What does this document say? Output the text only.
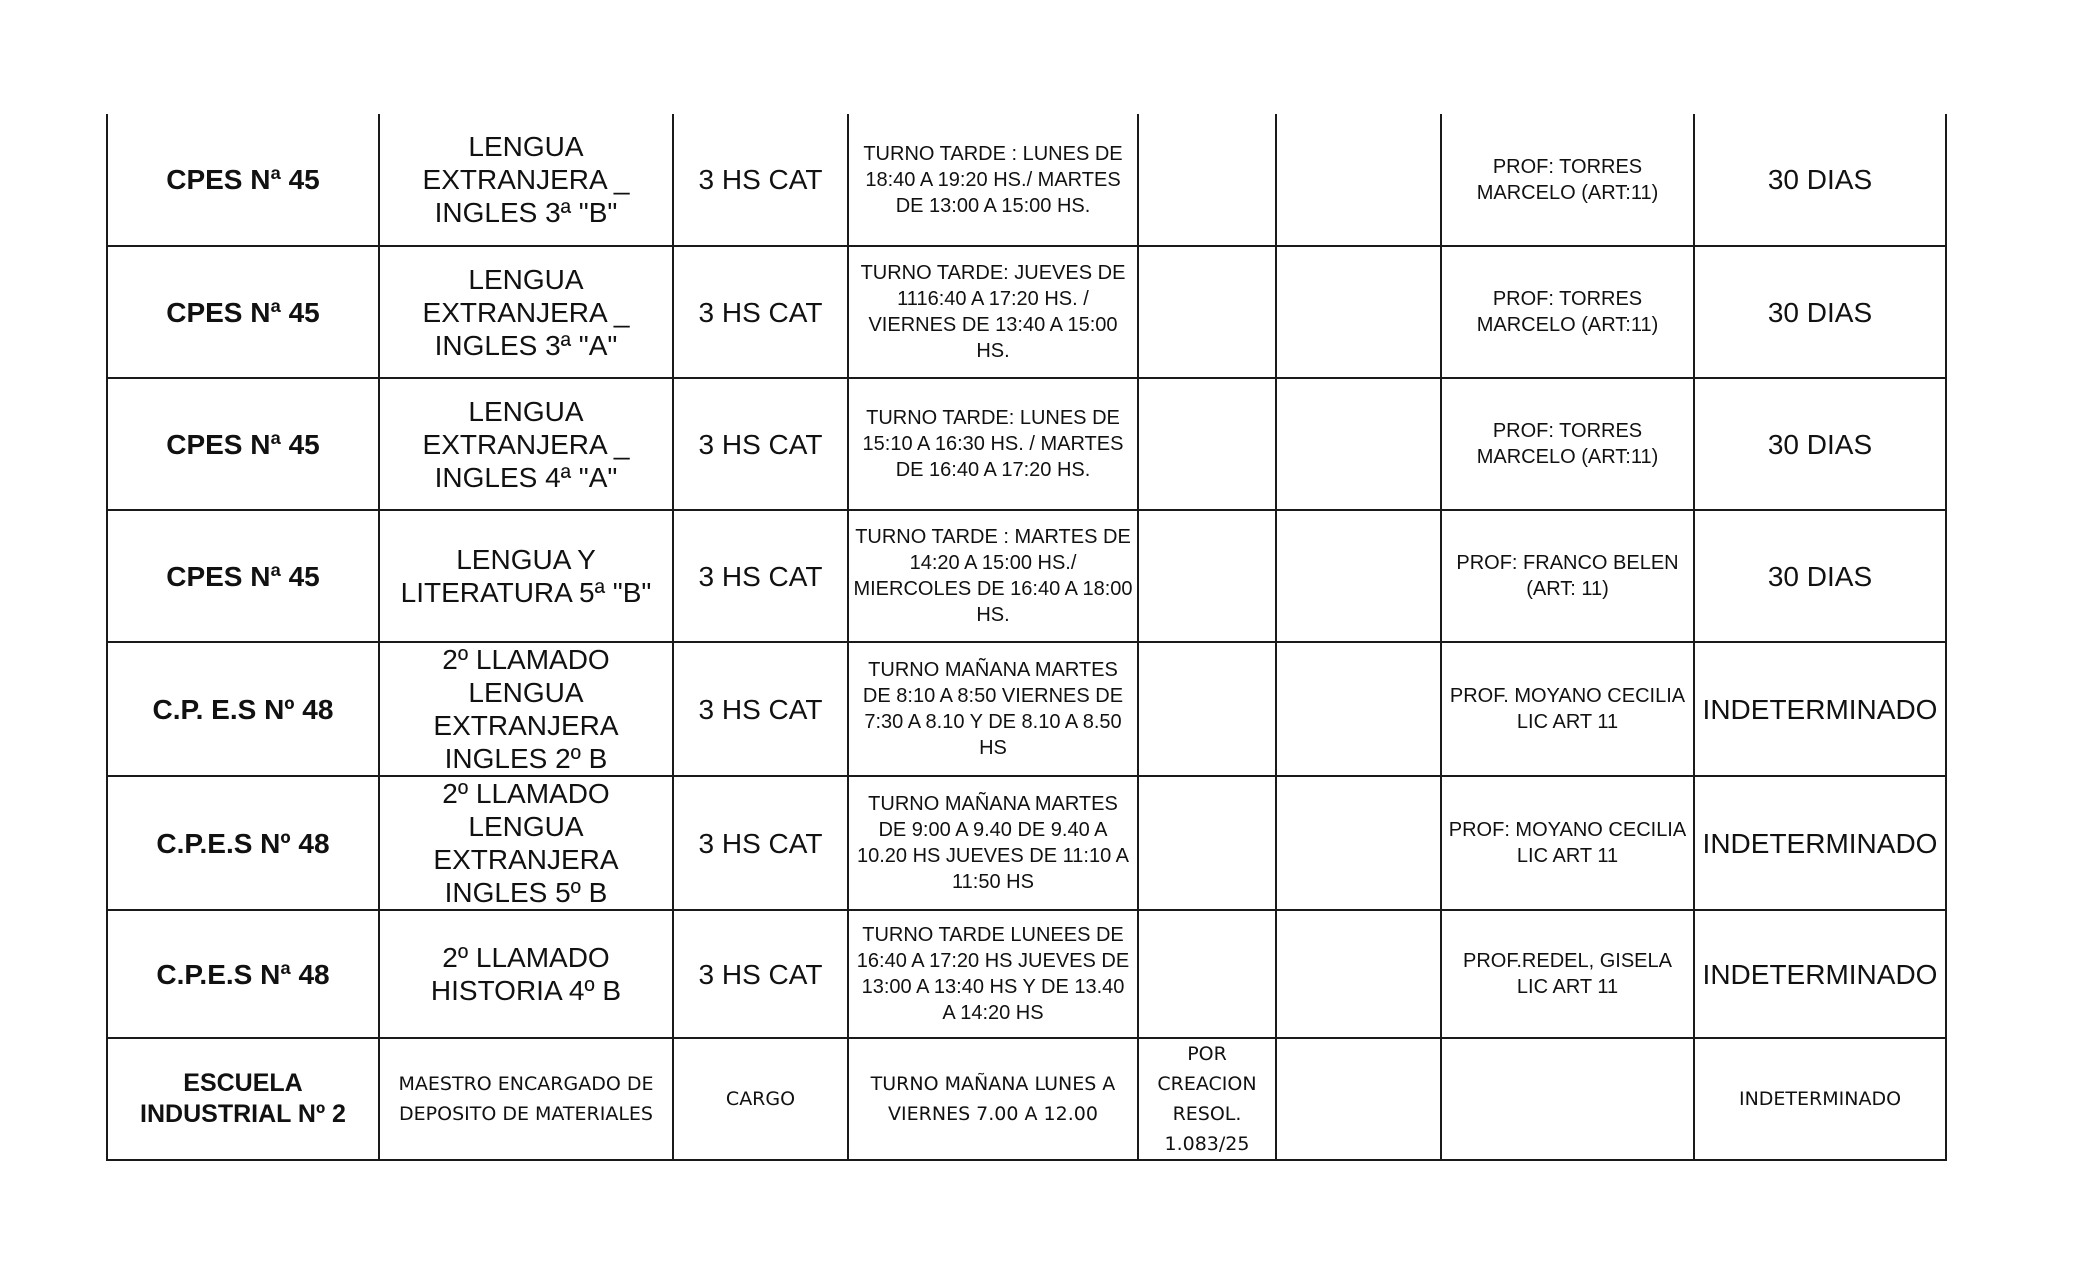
CPES Nª 45	LENGUA EXTRANJERA _ INGLES 3ª "B"	3 HS CAT	TURNO TARDE : LUNES DE 18:40 A 19:20 HS./ MARTES DE 13:00 A 15:00 HS.			PROF: TORRES MARCELO (ART:11)	30 DIAS
CPES Nª 45	LENGUA EXTRANJERA _ INGLES 3ª "A"	3 HS CAT	TURNO TARDE: JUEVES DE 1116:40 A 17:20 HS. / VIERNES DE 13:40 A 15:00 HS.			PROF: TORRES MARCELO (ART:11)	30 DIAS
CPES Nª 45	LENGUA EXTRANJERA _ INGLES 4ª "A"	3 HS CAT	TURNO TARDE: LUNES DE 15:10 A 16:30 HS. / MARTES DE 16:40 A 17:20 HS.			PROF: TORRES MARCELO (ART:11)	30 DIAS
CPES Nª 45	LENGUA Y LITERATURA 5ª "B"	3 HS CAT	TURNO TARDE : MARTES DE 14:20 A 15:00 HS./ MIERCOLES DE 16:40 A 18:00 HS.			PROF: FRANCO BELEN (ART: 11)	30 DIAS
C.P. E.S Nº 48	2º LLAMADO LENGUA EXTRANJERA INGLES 2º B	3 HS CAT	TURNO MAÑANA MARTES DE 8:10 A 8:50 VIERNES DE 7:30 A 8.10 Y DE 8.10 A 8.50 HS			PROF. MOYANO CECILIA LIC ART 11	INDETERMINADO
C.P.E.S Nº 48	2º LLAMADO LENGUA EXTRANJERA INGLES 5º B	3 HS CAT	TURNO MAÑANA MARTES DE 9:00 A 9.40 DE 9.40 A 10.20 HS JUEVES DE 11:10 A 11:50 HS			PROF: MOYANO CECILIA LIC ART 11	INDETERMINADO
C.P.E.S Nª 48	2º LLAMADO HISTORIA 4º B	3 HS CAT	TURNO TARDE LUNEES DE 16:40 A 17:20 HS JUEVES DE 13:00 A 13:40 HS Y DE 13.40 A 14:20 HS			PROF.REDEL, GISELA LIC ART 11	INDETERMINADO
ESCUELA INDUSTRIAL Nº 2	MAESTRO ENCARGADO DE DEPOSITO DE MATERIALES	CARGO	TURNO MAÑANA LUNES A VIERNES 7.00 A 12.00	POR CREACION RESOL. 1.083/25			INDETERMINADO
